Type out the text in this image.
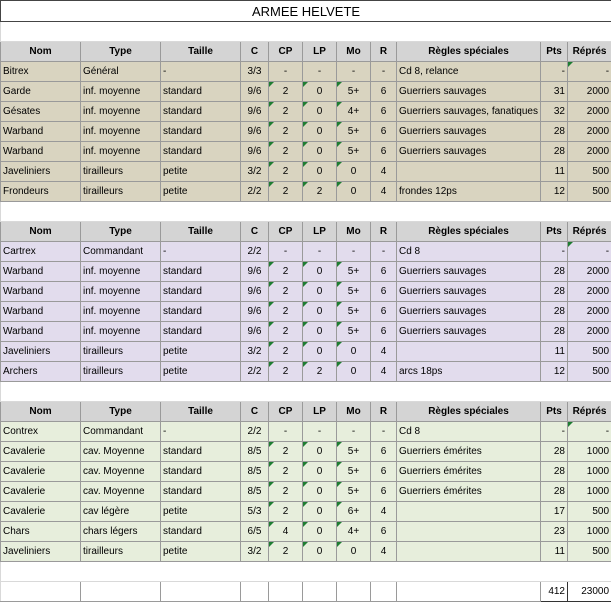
ARMEE HELVETE										

Nom	Type	Taille	C	CP	LP	Mo	R	Règles spéciales	Pts	Réprés
Bitrex	Général	-	3/3	-	-	-	-	Cd 8, relance	-	-
Garde	inf. moyenne	standard	9/6	2	0	5+	6	Guerriers sauvages	31	2000
Gésates	inf. moyenne	standard	9/6	2	0	4+	6	Guerriers sauvages, fanatiques	32	2000
Warband	inf. moyenne	standard	9/6	2	0	5+	6	Guerriers sauvages	28	2000
Warband	inf. moyenne	standard	9/6	2	0	5+	6	Guerriers sauvages	28	2000
Javeliniers	tirailleurs	petite	3/2	2	0	0	4		11	500
Frondeurs	tirailleurs	petite	2/2	2	2	0	4	frondes 12ps	12	500

Nom	Type	Taille	C	CP	LP	Mo	R	Règles spéciales	Pts	Réprés
Cartrex	Commandant	-	2/2	-	-	-	-	Cd 8	-	-
Warband	inf. moyenne	standard	9/6	2	0	5+	6	Guerriers sauvages	28	2000
Warband	inf. moyenne	standard	9/6	2	0	5+	6	Guerriers sauvages	28	2000
Warband	inf. moyenne	standard	9/6	2	0	5+	6	Guerriers sauvages	28	2000
Warband	inf. moyenne	standard	9/6	2	0	5+	6	Guerriers sauvages	28	2000
Javeliniers	tirailleurs	petite	3/2	2	0	0	4		11	500
Archers	tirailleurs	petite	2/2	2	2	0	4	arcs 18ps	12	500

Nom	Type	Taille	C	CP	LP	Mo	R	Règles spéciales	Pts	Réprés
Contrex	Commandant	-	2/2	-	-	-	-	Cd 8	-	-
Cavalerie	cav. Moyenne	standard	8/5	2	0	5+	6	Guerriers émérites	28	1000
Cavalerie	cav. Moyenne	standard	8/5	2	0	5+	6	Guerriers émérites	28	1000
Cavalerie	cav. Moyenne	standard	8/5	2	0	5+	6	Guerriers émérites	28	1000
Cavalerie	cav légère	petite	5/3	2	0	6+	4		17	500
Chars	chars légers	standard	6/5	4	0	4+	6		23	1000
Javeliniers	tirailleurs	petite	3/2	2	0	0	4		11	500

									412	23000
